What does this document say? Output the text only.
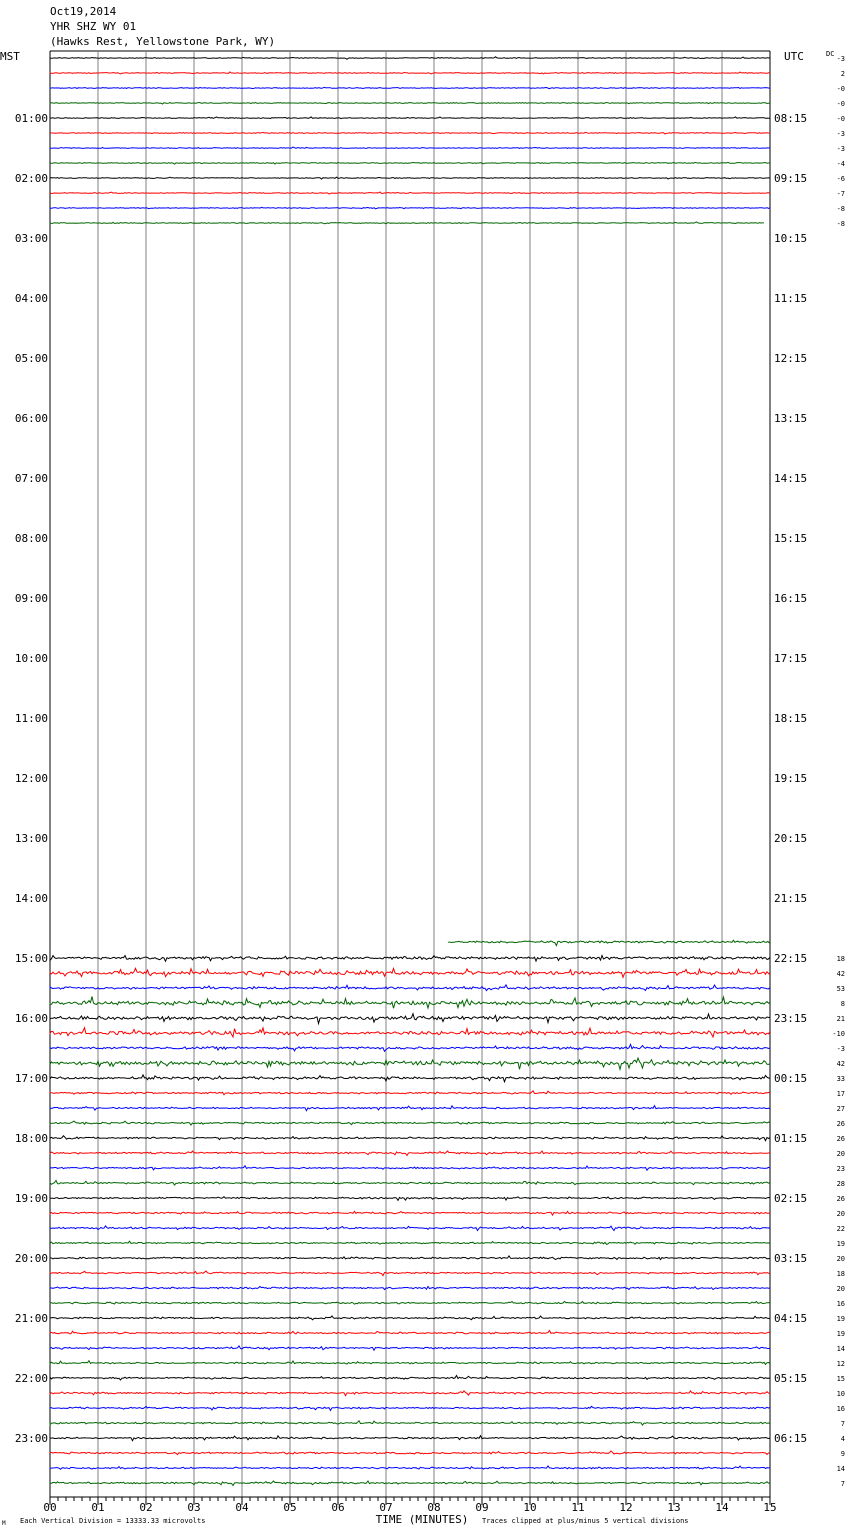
Oct19,2014
YHR SHZ WY 01
(Hawks Rest, Yellowstone Park, WY)
MST	UTC
00	01	02	03	04	05	06	07	08	09	10	11	12	13	14	15
01:00
02:00
03:00
04:00
05:00
06:00
07:00
08:00
09:00
10:00
11:00
12:00
13:00
14:00
15:00
16:00
17:00
18:00
19:00
20:00
21:00
22:00
23:00
08:15
09:15
10:15
11:15
12:15
13:15
14:15
15:15
16:15
17:15
18:15
19:15
20:15
21:15
22:15
23:15
00:15
01:15
02:15
03:15
04:15
05:15
06:15
DC
-3
2
-0
-0
-0
-3
-3
-4
-6
-7
-8
-8
18
42
53
8
21
-10
-3
42
33
17
27
26
26
20
23
28
26
20
22
19
20
18
20
16
19
19
14
12
15
10
16
7
4
9
14
7
Each Vertical Division = 13333.33 microvolts	TIME (MINUTES) Traces clipped at plus/minus 5 vertical divisions
M
